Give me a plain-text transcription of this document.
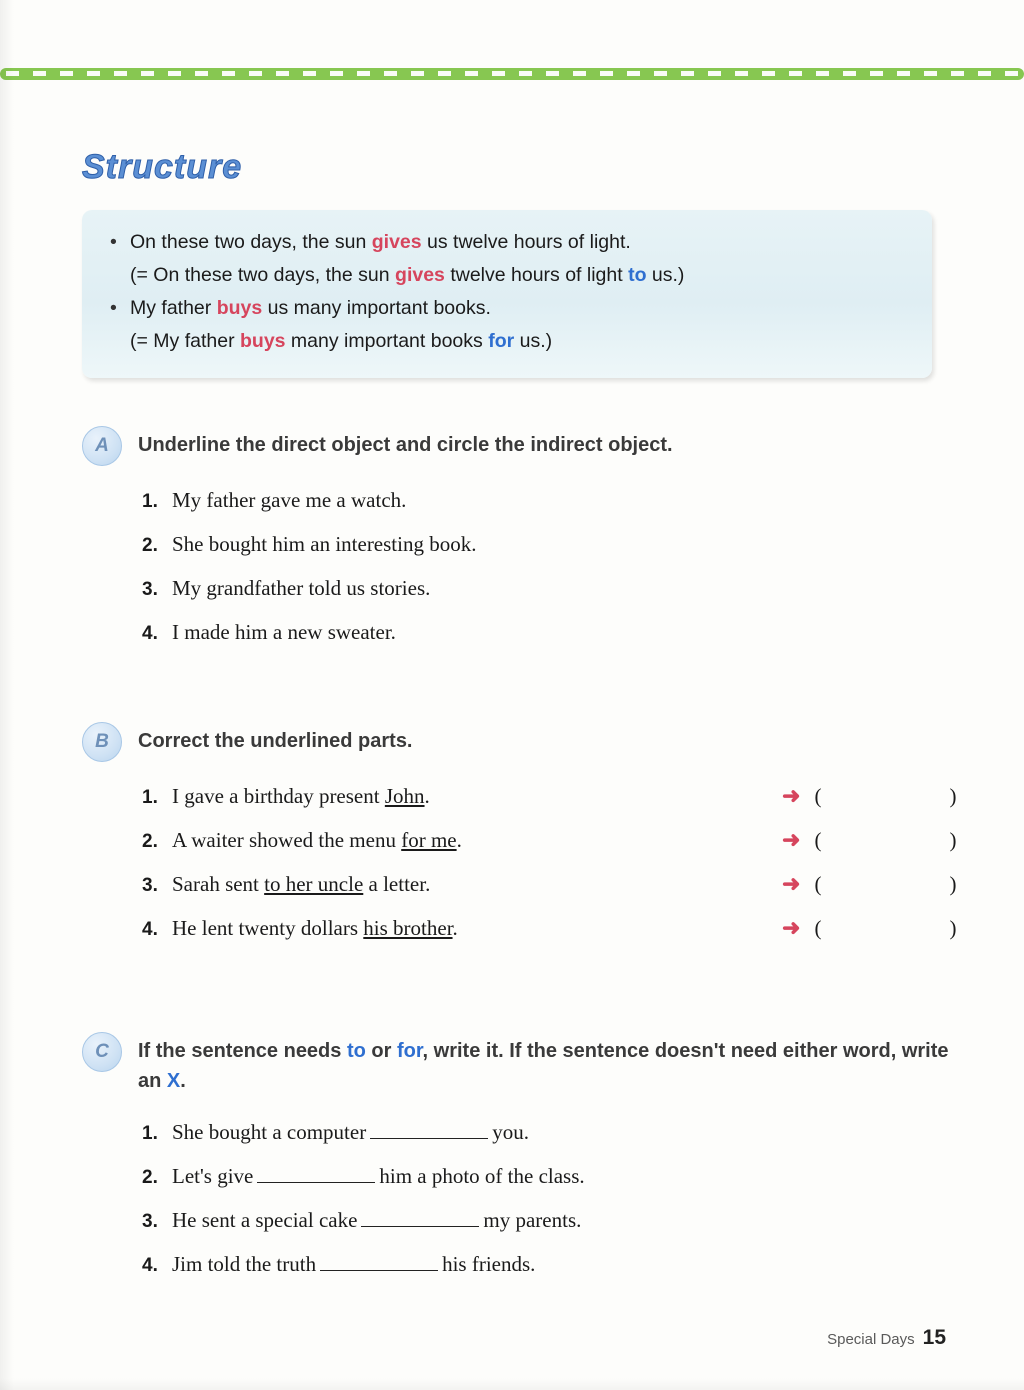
Structure
• On these two days, the sun gives us twelve hours of light.
(= On these two days, the sun gives twelve hours of light to us.)
• My father buys us many important books.
(= My father buys many important books for us.)
A	Underline the direct object and circle the indirect object.
1. My father gave me a watch.
2. She bought him an interesting book.
3. My grandfather told us stories.
4. I made him a new sweater.
B	Correct the underlined parts.
1. I gave a birthday present John.	➜ (	)
2. A waiter showed the menu for me.	➜ (	)
3. Sarah sent to her uncle a letter.	➜ (	)
4. He lent twenty dollars his brother.	➜ (	)
C	If the sentence needs to or for, write it. If the sentence doesn't need either word, write an X.
1. She bought a computer	you.
2. Let's give	him a photo of the class.
3. He sent a special cake	my parents.
4. Jim told the truth	his friends.
Special Days 15
